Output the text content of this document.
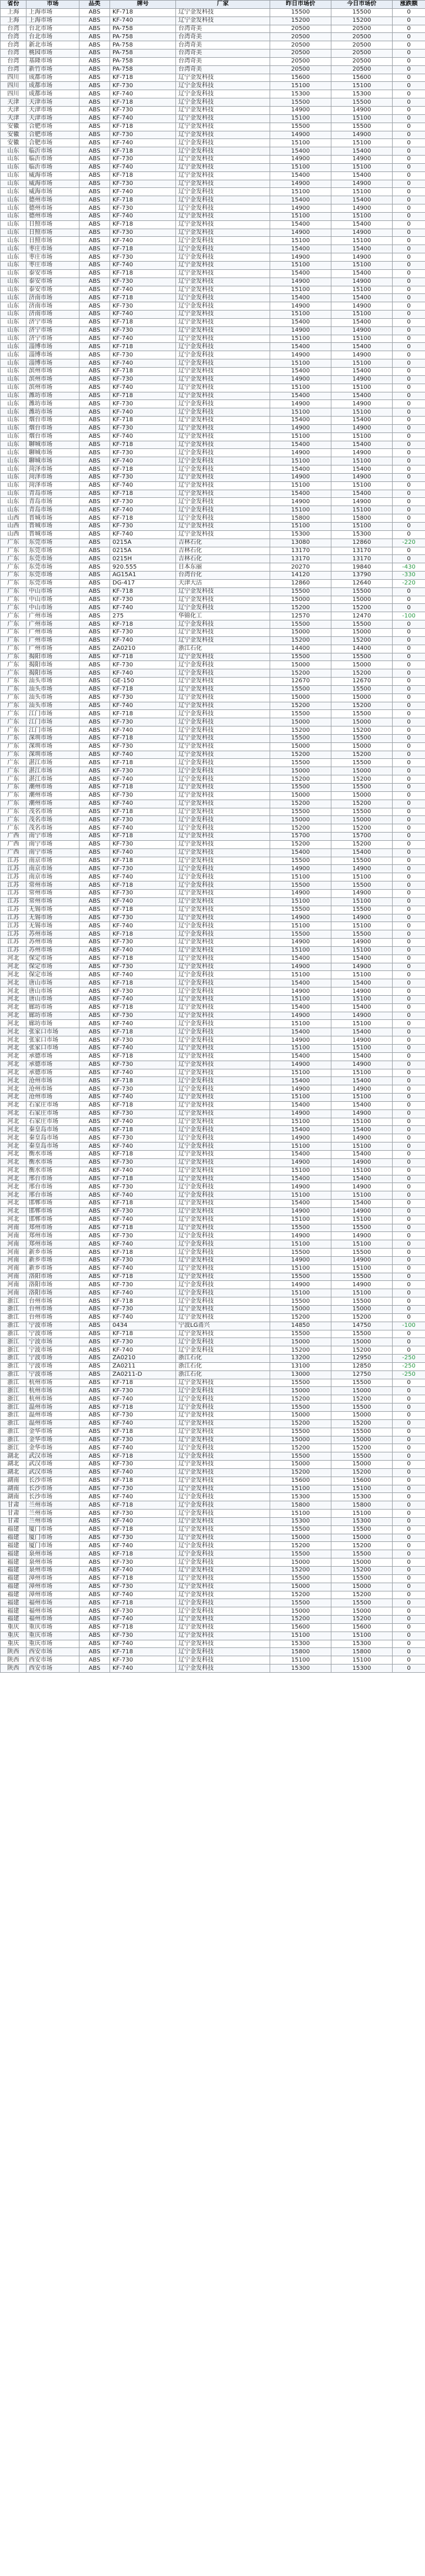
省份	市场	品类	牌号	厂家	昨日市场价	今日市场价	涨跌额
上海	上海市场	ABS	KF-718	辽宁金发科技	15500	15500	0
上海	上海市场	ABS	KF-740	辽宁金发科技	15200	15200	0
台湾	台北市场	ABS	PA-758	台湾奇美	20500	20500	0
台湾	台北市场	ABS	PA-758	台湾奇美	20500	20500	0
台湾	新北市场	ABS	PA-758	台湾奇美	20500	20500	0
台湾	桃园市场	ABS	PA-758	台湾奇美	20500	20500	0
台湾	基隆市场	ABS	PA-758	台湾奇美	20500	20500	0
台湾	新竹市场	ABS	PA-758	台湾奇美	20500	20500	0
四川	成都市场	ABS	KF-718	辽宁金发科技	15600	15600	0
四川	成都市场	ABS	KF-730	辽宁金发科技	15100	15100	0
四川	成都市场	ABS	KF-740	辽宁金发科技	15300	15300	0
天津	天津市场	ABS	KF-718	辽宁金发科技	15500	15500	0
天津	天津市场	ABS	KF-730	辽宁金发科技	14900	14900	0
天津	天津市场	ABS	KF-740	辽宁金发科技	15100	15100	0
安徽	合肥市场	ABS	KF-718	辽宁金发科技	15500	15500	0
安徽	合肥市场	ABS	KF-730	辽宁金发科技	14900	14900	0
安徽	合肥市场	ABS	KF-740	辽宁金发科技	15100	15100	0
山东	临沂市场	ABS	KF-718	辽宁金发科技	15400	15400	0
山东	临沂市场	ABS	KF-730	辽宁金发科技	14900	14900	0
山东	临沂市场	ABS	KF-740	辽宁金发科技	15100	15100	0
山东	威海市场	ABS	KF-718	辽宁金发科技	15400	15400	0
山东	威海市场	ABS	KF-730	辽宁金发科技	14900	14900	0
山东	威海市场	ABS	KF-740	辽宁金发科技	15100	15100	0
山东	德州市场	ABS	KF-718	辽宁金发科技	15400	15400	0
山东	德州市场	ABS	KF-730	辽宁金发科技	14900	14900	0
山东	德州市场	ABS	KF-740	辽宁金发科技	15100	15100	0
山东	日照市场	ABS	KF-718	辽宁金发科技	15400	15400	0
山东	日照市场	ABS	KF-730	辽宁金发科技	14900	14900	0
山东	日照市场	ABS	KF-740	辽宁金发科技	15100	15100	0
山东	枣庄市场	ABS	KF-718	辽宁金发科技	15400	15400	0
山东	枣庄市场	ABS	KF-730	辽宁金发科技	14900	14900	0
山东	枣庄市场	ABS	KF-740	辽宁金发科技	15100	15100	0
山东	泰安市场	ABS	KF-718	辽宁金发科技	15400	15400	0
山东	泰安市场	ABS	KF-730	辽宁金发科技	14900	14900	0
山东	泰安市场	ABS	KF-740	辽宁金发科技	15100	15100	0
山东	济南市场	ABS	KF-718	辽宁金发科技	15400	15400	0
山东	济南市场	ABS	KF-730	辽宁金发科技	14900	14900	0
山东	济南市场	ABS	KF-740	辽宁金发科技	15100	15100	0
山东	济宁市场	ABS	KF-718	辽宁金发科技	15400	15400	0
山东	济宁市场	ABS	KF-730	辽宁金发科技	14900	14900	0
山东	济宁市场	ABS	KF-740	辽宁金发科技	15100	15100	0
山东	淄博市场	ABS	KF-718	辽宁金发科技	15400	15400	0
山东	淄博市场	ABS	KF-730	辽宁金发科技	14900	14900	0
山东	淄博市场	ABS	KF-740	辽宁金发科技	15100	15100	0
山东	滨州市场	ABS	KF-718	辽宁金发科技	15400	15400	0
山东	滨州市场	ABS	KF-730	辽宁金发科技	14900	14900	0
山东	滨州市场	ABS	KF-740	辽宁金发科技	15100	15100	0
山东	潍坊市场	ABS	KF-718	辽宁金发科技	15400	15400	0
山东	潍坊市场	ABS	KF-730	辽宁金发科技	14900	14900	0
山东	潍坊市场	ABS	KF-740	辽宁金发科技	15100	15100	0
山东	烟台市场	ABS	KF-718	辽宁金发科技	15400	15400	0
山东	烟台市场	ABS	KF-730	辽宁金发科技	14900	14900	0
山东	烟台市场	ABS	KF-740	辽宁金发科技	15100	15100	0
山东	聊城市场	ABS	KF-718	辽宁金发科技	15400	15400	0
山东	聊城市场	ABS	KF-730	辽宁金发科技	14900	14900	0
山东	聊城市场	ABS	KF-740	辽宁金发科技	15100	15100	0
山东	菏泽市场	ABS	KF-718	辽宁金发科技	15400	15400	0
山东	菏泽市场	ABS	KF-730	辽宁金发科技	14900	14900	0
山东	菏泽市场	ABS	KF-740	辽宁金发科技	15100	15100	0
山东	青岛市场	ABS	KF-718	辽宁金发科技	15400	15400	0
山东	青岛市场	ABS	KF-730	辽宁金发科技	14900	14900	0
山东	青岛市场	ABS	KF-740	辽宁金发科技	15100	15100	0
山西	晋城市场	ABS	KF-718	辽宁金发科技	15800	15800	0
山西	晋城市场	ABS	KF-730	辽宁金发科技	15100	15100	0
山西	晋城市场	ABS	KF-740	辽宁金发科技	15300	15300	0
广东	东莞市场	ABS	0215A	吉林石化	13080	12860	-220
广东	东莞市场	ABS	0215A	吉林石化	13170	13170	0
广东	东莞市场	ABS	0215H	吉林石化	13170	13170	0
广东	东莞市场	ABS	920.555	日本东丽	20270	19840	-430
广东	东莞市场	ABS	AG15A1	台湾台化	14120	13790	-330
广东	东莞市场	ABS	DG-417	天津大沽	12860	12640	-220
广东	中山市场	ABS	KF-718	辽宁金发科技	15500	15500	0
广东	中山市场	ABS	KF-730	辽宁金发科技	15000	15000	0
广东	中山市场	ABS	KF-740	辽宁金发科技	15200	15200	0
广东	广州市场	ABS	275	华锦化工	12570	12470	-100
广东	广州市场	ABS	KF-718	辽宁金发科技	15500	15500	0
广东	广州市场	ABS	KF-730	辽宁金发科技	15000	15000	0
广东	广州市场	ABS	KF-740	辽宁金发科技	15200	15200	0
广东	广州市场	ABS	ZA0210	浙江石化	14400	14400	0
广东	揭阳市场	ABS	KF-718	辽宁金发科技	15500	15500	0
广东	揭阳市场	ABS	KF-730	辽宁金发科技	15000	15000	0
广东	揭阳市场	ABS	KF-740	辽宁金发科技	15200	15200	0
广东	汕头市场	ABS	GE-150	辽宁金发科技	12670	12670	0
广东	汕头市场	ABS	KF-718	辽宁金发科技	15500	15500	0
广东	汕头市场	ABS	KF-730	辽宁金发科技	15000	15000	0
广东	汕头市场	ABS	KF-740	辽宁金发科技	15200	15200	0
广东	江门市场	ABS	KF-718	辽宁金发科技	15500	15500	0
广东	江门市场	ABS	KF-730	辽宁金发科技	15000	15000	0
广东	江门市场	ABS	KF-740	辽宁金发科技	15200	15200	0
广东	深圳市场	ABS	KF-718	辽宁金发科技	15500	15500	0
广东	深圳市场	ABS	KF-730	辽宁金发科技	15000	15000	0
广东	深圳市场	ABS	KF-740	辽宁金发科技	15200	15200	0
广东	湛江市场	ABS	KF-718	辽宁金发科技	15500	15500	0
广东	湛江市场	ABS	KF-730	辽宁金发科技	15000	15000	0
广东	湛江市场	ABS	KF-740	辽宁金发科技	15200	15200	0
广东	潮州市场	ABS	KF-718	辽宁金发科技	15500	15500	0
广东	潮州市场	ABS	KF-730	辽宁金发科技	15000	15000	0
广东	潮州市场	ABS	KF-740	辽宁金发科技	15200	15200	0
广东	茂名市场	ABS	KF-718	辽宁金发科技	15500	15500	0
广东	茂名市场	ABS	KF-730	辽宁金发科技	15000	15000	0
广东	茂名市场	ABS	KF-740	辽宁金发科技	15200	15200	0
广西	南宁市场	ABS	KF-718	辽宁金发科技	15700	15700	0
广西	南宁市场	ABS	KF-730	辽宁金发科技	15200	15200	0
广西	南宁市场	ABS	KF-740	辽宁金发科技	15400	15400	0
江苏	南京市场	ABS	KF-718	辽宁金发科技	15500	15500	0
江苏	南京市场	ABS	KF-730	辽宁金发科技	14900	14900	0
江苏	南京市场	ABS	KF-740	辽宁金发科技	15100	15100	0
江苏	常州市场	ABS	KF-718	辽宁金发科技	15500	15500	0
江苏	常州市场	ABS	KF-730	辽宁金发科技	14900	14900	0
江苏	常州市场	ABS	KF-740	辽宁金发科技	15100	15100	0
江苏	无锡市场	ABS	KF-718	辽宁金发科技	15500	15500	0
江苏	无锡市场	ABS	KF-730	辽宁金发科技	14900	14900	0
江苏	无锡市场	ABS	KF-740	辽宁金发科技	15100	15100	0
江苏	苏州市场	ABS	KF-718	辽宁金发科技	15500	15500	0
江苏	苏州市场	ABS	KF-730	辽宁金发科技	14900	14900	0
江苏	苏州市场	ABS	KF-740	辽宁金发科技	15100	15100	0
河北	保定市场	ABS	KF-718	辽宁金发科技	15400	15400	0
河北	保定市场	ABS	KF-730	辽宁金发科技	14900	14900	0
河北	保定市场	ABS	KF-740	辽宁金发科技	15100	15100	0
河北	唐山市场	ABS	KF-718	辽宁金发科技	15400	15400	0
河北	唐山市场	ABS	KF-730	辽宁金发科技	14900	14900	0
河北	唐山市场	ABS	KF-740	辽宁金发科技	15100	15100	0
河北	廊坊市场	ABS	KF-718	辽宁金发科技	15400	15400	0
河北	廊坊市场	ABS	KF-730	辽宁金发科技	14900	14900	0
河北	廊坊市场	ABS	KF-740	辽宁金发科技	15100	15100	0
河北	张家口市场	ABS	KF-718	辽宁金发科技	15400	15400	0
河北	张家口市场	ABS	KF-730	辽宁金发科技	14900	14900	0
河北	张家口市场	ABS	KF-740	辽宁金发科技	15100	15100	0
河北	承德市场	ABS	KF-718	辽宁金发科技	15400	15400	0
河北	承德市场	ABS	KF-730	辽宁金发科技	14900	14900	0
河北	承德市场	ABS	KF-740	辽宁金发科技	15100	15100	0
河北	沧州市场	ABS	KF-718	辽宁金发科技	15400	15400	0
河北	沧州市场	ABS	KF-730	辽宁金发科技	14900	14900	0
河北	沧州市场	ABS	KF-740	辽宁金发科技	15100	15100	0
河北	石家庄市场	ABS	KF-718	辽宁金发科技	15400	15400	0
河北	石家庄市场	ABS	KF-730	辽宁金发科技	14900	14900	0
河北	石家庄市场	ABS	KF-740	辽宁金发科技	15100	15100	0
河北	秦皇岛市场	ABS	KF-718	辽宁金发科技	15400	15400	0
河北	秦皇岛市场	ABS	KF-730	辽宁金发科技	14900	14900	0
河北	秦皇岛市场	ABS	KF-740	辽宁金发科技	15100	15100	0
河北	衡水市场	ABS	KF-718	辽宁金发科技	15400	15400	0
河北	衡水市场	ABS	KF-730	辽宁金发科技	14900	14900	0
河北	衡水市场	ABS	KF-740	辽宁金发科技	15100	15100	0
河北	邢台市场	ABS	KF-718	辽宁金发科技	15400	15400	0
河北	邢台市场	ABS	KF-730	辽宁金发科技	14900	14900	0
河北	邢台市场	ABS	KF-740	辽宁金发科技	15100	15100	0
河北	邯郸市场	ABS	KF-718	辽宁金发科技	15400	15400	0
河北	邯郸市场	ABS	KF-730	辽宁金发科技	14900	14900	0
河北	邯郸市场	ABS	KF-740	辽宁金发科技	15100	15100	0
河南	郑州市场	ABS	KF-718	辽宁金发科技	15500	15500	0
河南	郑州市场	ABS	KF-730	辽宁金发科技	14900	14900	0
河南	郑州市场	ABS	KF-740	辽宁金发科技	15100	15100	0
河南	新乡市场	ABS	KF-718	辽宁金发科技	15500	15500	0
河南	新乡市场	ABS	KF-730	辽宁金发科技	14900	14900	0
河南	新乡市场	ABS	KF-740	辽宁金发科技	15100	15100	0
河南	洛阳市场	ABS	KF-718	辽宁金发科技	15500	15500	0
河南	洛阳市场	ABS	KF-730	辽宁金发科技	14900	14900	0
河南	洛阳市场	ABS	KF-740	辽宁金发科技	15100	15100	0
浙江	台州市场	ABS	KF-718	辽宁金发科技	15500	15500	0
浙江	台州市场	ABS	KF-730	辽宁金发科技	15000	15000	0
浙江	台州市场	ABS	KF-740	辽宁金发科技	15200	15200	0
浙江	宁波市场	ABS	0434	宁波LG甬兴	14850	14750	-100
浙江	宁波市场	ABS	KF-718	辽宁金发科技	15500	15500	0
浙江	宁波市场	ABS	KF-730	辽宁金发科技	15000	15000	0
浙江	宁波市场	ABS	KF-740	辽宁金发科技	15200	15200	0
浙江	宁波市场	ABS	ZA0210	浙江石化	13200	12950	-250
浙江	宁波市场	ABS	ZA0211	浙江石化	13100	12850	-250
浙江	宁波市场	ABS	ZA0211-D	浙江石化	13000	12750	-250
浙江	杭州市场	ABS	KF-718	辽宁金发科技	15500	15500	0
浙江	杭州市场	ABS	KF-730	辽宁金发科技	15000	15000	0
浙江	杭州市场	ABS	KF-740	辽宁金发科技	15200	15200	0
浙江	温州市场	ABS	KF-718	辽宁金发科技	15500	15500	0
浙江	温州市场	ABS	KF-730	辽宁金发科技	15000	15000	0
浙江	温州市场	ABS	KF-740	辽宁金发科技	15200	15200	0
浙江	金华市场	ABS	KF-718	辽宁金发科技	15500	15500	0
浙江	金华市场	ABS	KF-730	辽宁金发科技	15000	15000	0
浙江	金华市场	ABS	KF-740	辽宁金发科技	15200	15200	0
湖北	武汉市场	ABS	KF-718	辽宁金发科技	15500	15500	0
湖北	武汉市场	ABS	KF-730	辽宁金发科技	15000	15000	0
湖北	武汉市场	ABS	KF-740	辽宁金发科技	15200	15200	0
湖南	长沙市场	ABS	KF-718	辽宁金发科技	15600	15600	0
湖南	长沙市场	ABS	KF-730	辽宁金发科技	15100	15100	0
湖南	长沙市场	ABS	KF-740	辽宁金发科技	15300	15300	0
甘肃	兰州市场	ABS	KF-718	辽宁金发科技	15800	15800	0
甘肃	兰州市场	ABS	KF-730	辽宁金发科技	15100	15100	0
甘肃	兰州市场	ABS	KF-740	辽宁金发科技	15300	15300	0
福建	厦门市场	ABS	KF-718	辽宁金发科技	15500	15500	0
福建	厦门市场	ABS	KF-730	辽宁金发科技	15000	15000	0
福建	厦门市场	ABS	KF-740	辽宁金发科技	15200	15200	0
福建	泉州市场	ABS	KF-718	辽宁金发科技	15500	15500	0
福建	泉州市场	ABS	KF-730	辽宁金发科技	15000	15000	0
福建	泉州市场	ABS	KF-740	辽宁金发科技	15200	15200	0
福建	漳州市场	ABS	KF-718	辽宁金发科技	15500	15500	0
福建	漳州市场	ABS	KF-730	辽宁金发科技	15000	15000	0
福建	漳州市场	ABS	KF-740	辽宁金发科技	15200	15200	0
福建	福州市场	ABS	KF-718	辽宁金发科技	15500	15500	0
福建	福州市场	ABS	KF-730	辽宁金发科技	15000	15000	0
福建	福州市场	ABS	KF-740	辽宁金发科技	15200	15200	0
重庆	重庆市场	ABS	KF-718	辽宁金发科技	15600	15600	0
重庆	重庆市场	ABS	KF-730	辽宁金发科技	15100	15100	0
重庆	重庆市场	ABS	KF-740	辽宁金发科技	15300	15300	0
陕西	西安市场	ABS	KF-718	辽宁金发科技	15800	15800	0
陕西	西安市场	ABS	KF-730	辽宁金发科技	15100	15100	0
陕西	西安市场	ABS	KF-740	辽宁金发科技	15300	15300	0
